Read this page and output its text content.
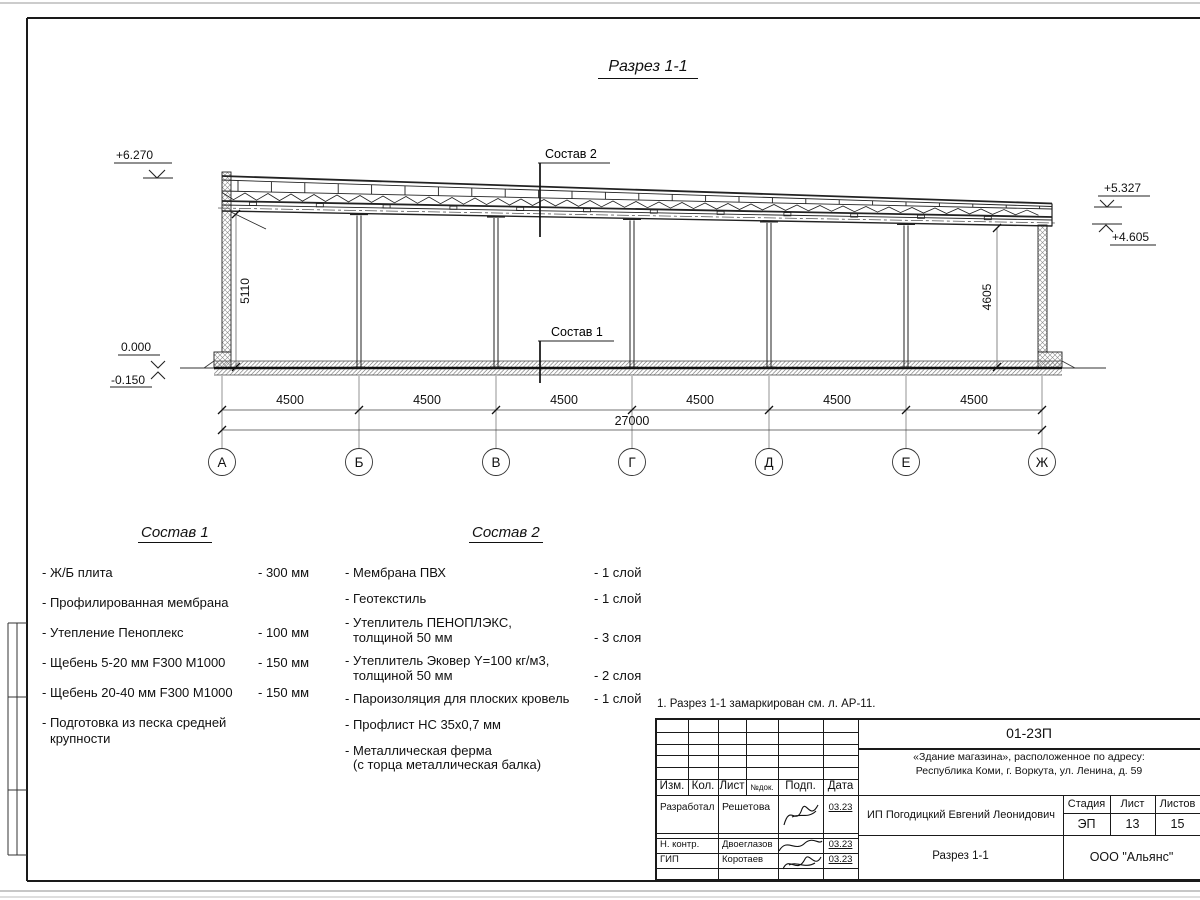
Состав 2
Состав 1
+6.270
0.000
-0.150
+5.327
+4.605
5110	4605
4500	4500	4500	4500	4500	4500
27000
А	Б	В	Г	Д	Е	Ж
Разрез 1-1
Состав 1
- Ж/Б плита	- 300 мм
- Профилированная мембрана
- Утепление Пеноплекс	- 100 мм
- Щебень 5-20 мм F300 М1000	- 150 мм
- Щебень 20-40 мм F300 М1000 - 150 мм
- Подготовка из песка средней
крупности
Состав 2
- Мембрана ПВХ	- 1 слой
- Геотекстиль	- 1 слой
- Утеплитель ПЕНОПЛЭКС,
толщиной 50 мм	- 3 слоя
- Утеплитель Эковер Y=100 кг/м3,
толщиной 50 мм	- 2 слоя
- Пароизоляция для плоских кровель - 1 слой
- Профлист НС 35х0,7 мм
- Металлическая ферма
(с торца металлическая балка)
1. Разрез 1-1 замаркирован см. л. АР-11.
01-23П
«Здание магазина», расположенное по адресу:
Республика Коми, г. Воркута, ул. Ленина, д. 59
Изм. Кол. Лист №док.	Подп.	Дата
Разработал Решетова	03.23
Н. контр.	Двоеглазов	03.23
ГИП	Коротаев	03.23
ИП Погодицкий Евгений Леонидович
Разрез 1-1
Стадия	Лист	Листов
ЭП	13	15
ООО "Альянс"
